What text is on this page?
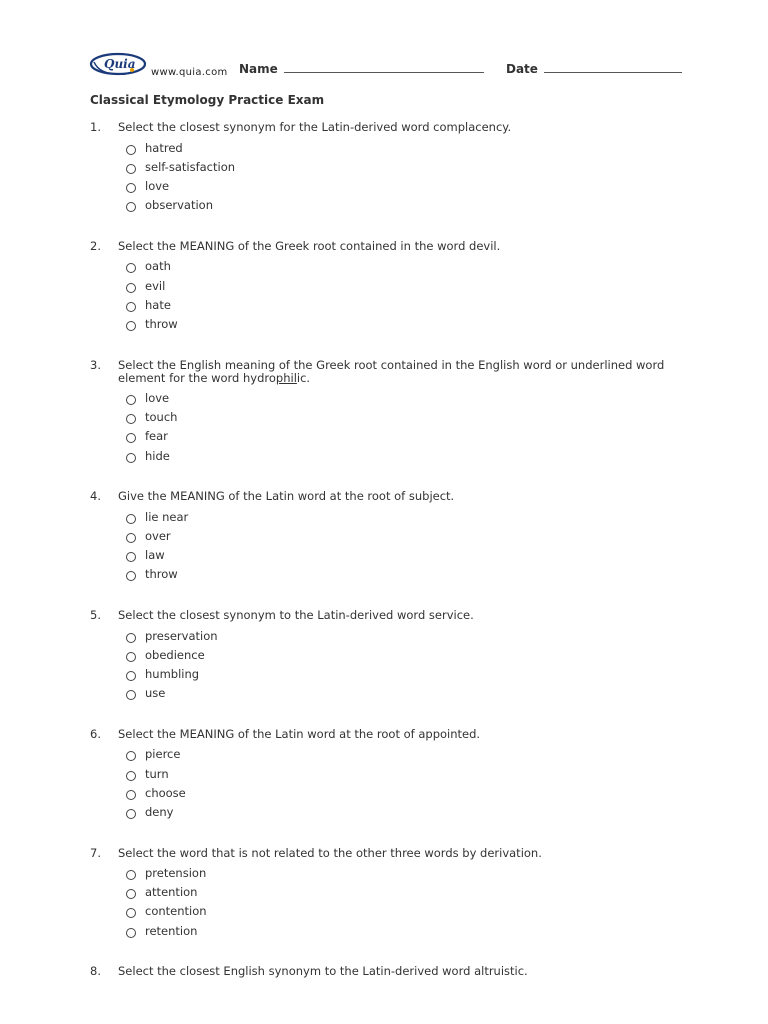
Quia
www.quia.com Name	Date
Classical Etymology Practice Exam
1.	Select the closest synonym for the Latin-derived word complacency.
hatred
self-satisfaction
love
observation
2.	Select the MEANING of the Greek root contained in the word devil.
oath
evil
hate
throw
3.	Select the English meaning of the Greek root contained in the English word or underlined word element for the word hydrophilic.
love
touch
fear
hide
4.	Give the MEANING of the Latin word at the root of subject.
lie near
over
law
throw
5.	Select the closest synonym to the Latin-derived word service.
preservation
obedience
humbling
use
6.	Select the MEANING of the Latin word at the root of appointed.
pierce
turn
choose
deny
7.	Select the word that is not related to the other three words by derivation.
pretension
attention
contention
retention
8.	Select the closest English synonym to the Latin-derived word altruistic.
